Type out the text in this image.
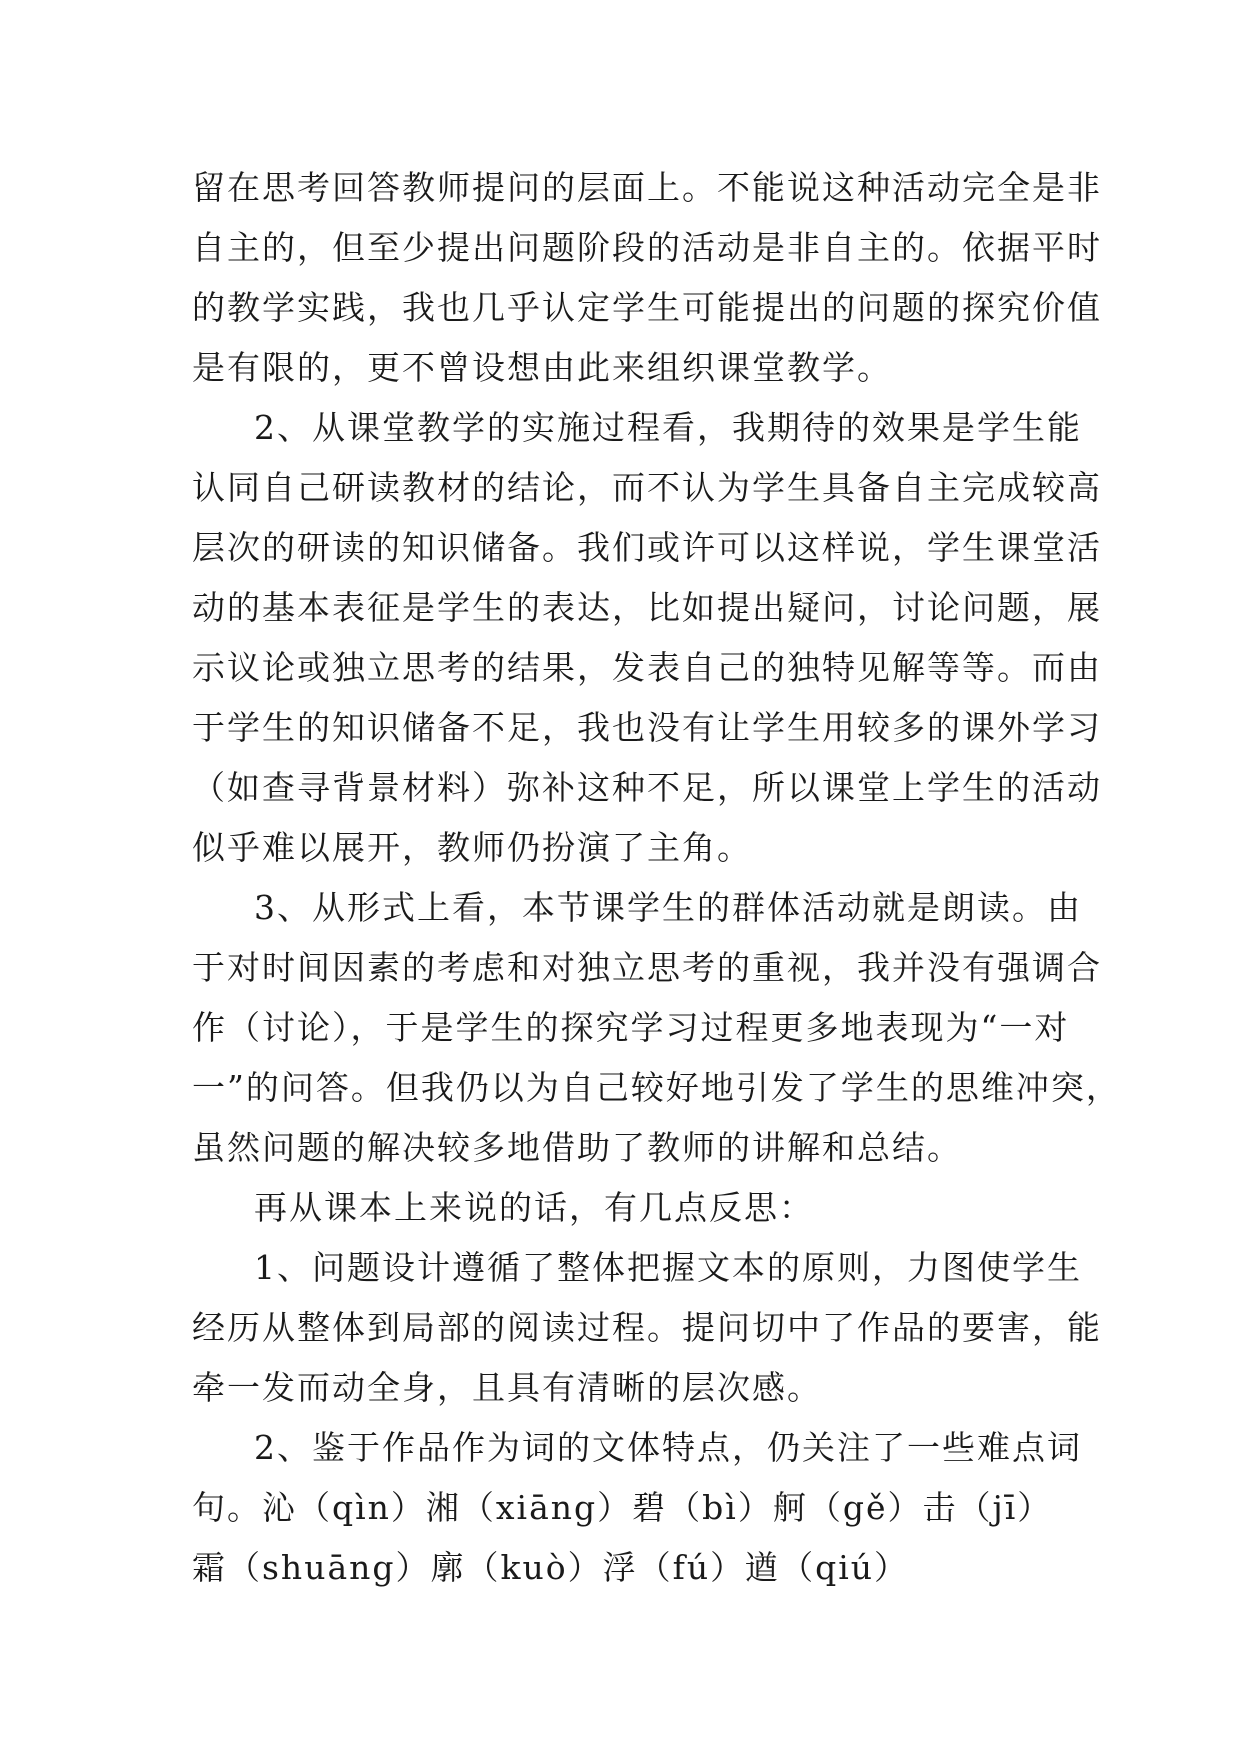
留在思考回答教师提问的层面上。不能说这种活动完全是非
自主的，但至少提出问题阶段的活动是非自主的。依据平时
的教学实践，我也几乎认定学生可能提出的问题的探究价值
是有限的，更不曾设想由此来组织课堂教学。
2、从课堂教学的实施过程看，我期待的效果是学生能
认同自己研读教材的结论，而不认为学生具备自主完成较高
层次的研读的知识储备。我们或许可以这样说，学生课堂活
动的基本表征是学生的表达，比如提出疑问，讨论问题，展
示议论或独立思考的结果，发表自己的独特见解等等。而由
于学生的知识储备不足，我也没有让学生用较多的课外学习
（如查寻背景材料）弥补这种不足，所以课堂上学生的活动
似乎难以展开，教师仍扮演了主角。
3、从形式上看，本节课学生的群体活动就是朗读。由
于对时间因素的考虑和对独立思考的重视，我并没有强调合
作（讨论），于是学生的探究学习过程更多地表现为“一对
一”的问答。但我仍以为自己较好地引发了学生的思维冲突，
虽然问题的解决较多地借助了教师的讲解和总结。
再从课本上来说的话，有几点反思：
1、问题设计遵循了整体把握文本的原则，力图使学生
经历从整体到局部的阅读过程。提问切中了作品的要害，能
牵一发而动全身，且具有清晰的层次感。
2、鉴于作品作为词的文体特点，仍关注了一些难点词
句。沁（qìn）湘（xiāng）碧（bì）舸（gě）击（jī）
霜（shuāng）廓（kuò）浮（fú）遒（qiú）
